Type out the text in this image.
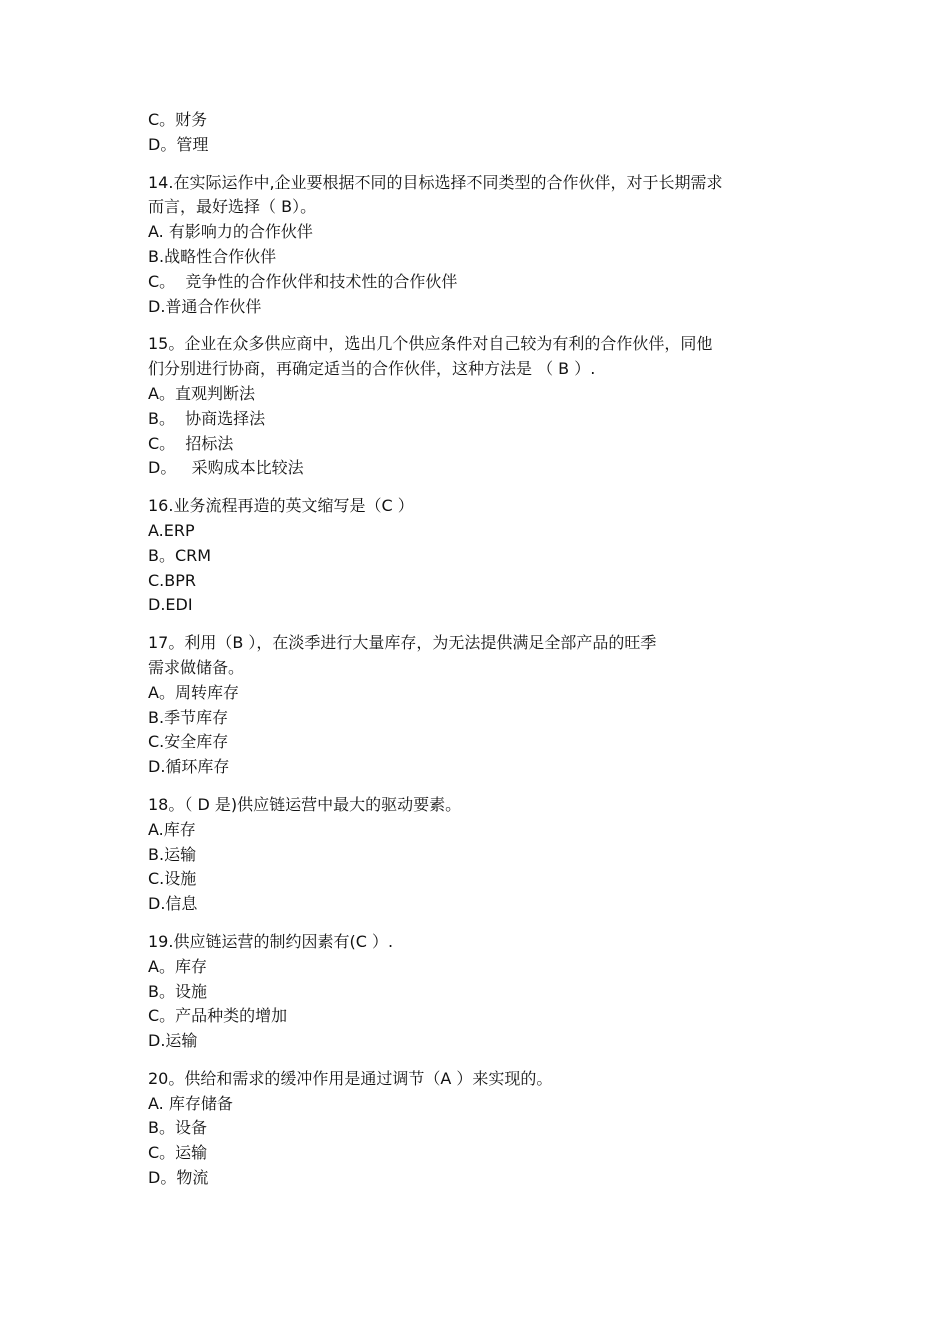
C。财务

D。管理

14.在实际运作中,企业要根据不同的目标选择不同类型的合作伙伴，对于长期需求

而言，最好选择（ B）。

A. 有影响力的合作伙伴

B.战略性合作伙伴

C。  竞争性的合作伙伴和技术性的合作伙伴

D.普通合作伙伴

15。企业在众多供应商中，选出几个供应条件对自己较为有利的合作伙伴，同他

们分别进行协商，再确定适当的合作伙伴，这种方法是 （ B ）.

A。直观判断法

B。  协商选择法

C。  招标法

D。   采购成本比较法

16.业务流程再造的英文缩写是（C ）

A.ERP

B。CRM

C.BPR

D.EDI

17。利用（B ），在淡季进行大量库存，为无法提供满足全部产品的旺季

需求做储备。

A。周转库存

B.季节库存

C.安全库存

D.循环库存

18。（ D 是)供应链运营中最大的驱动要素。

A.库存

B.运输

C.设施

D.信息

19.供应链运营的制约因素有(C ）.

A。库存

B。设施

C。产品种类的增加

D.运输

20。供给和需求的缓冲作用是通过调节（A ）来实现的。

A. 库存储备

B。设备

C。运输

D。物流
